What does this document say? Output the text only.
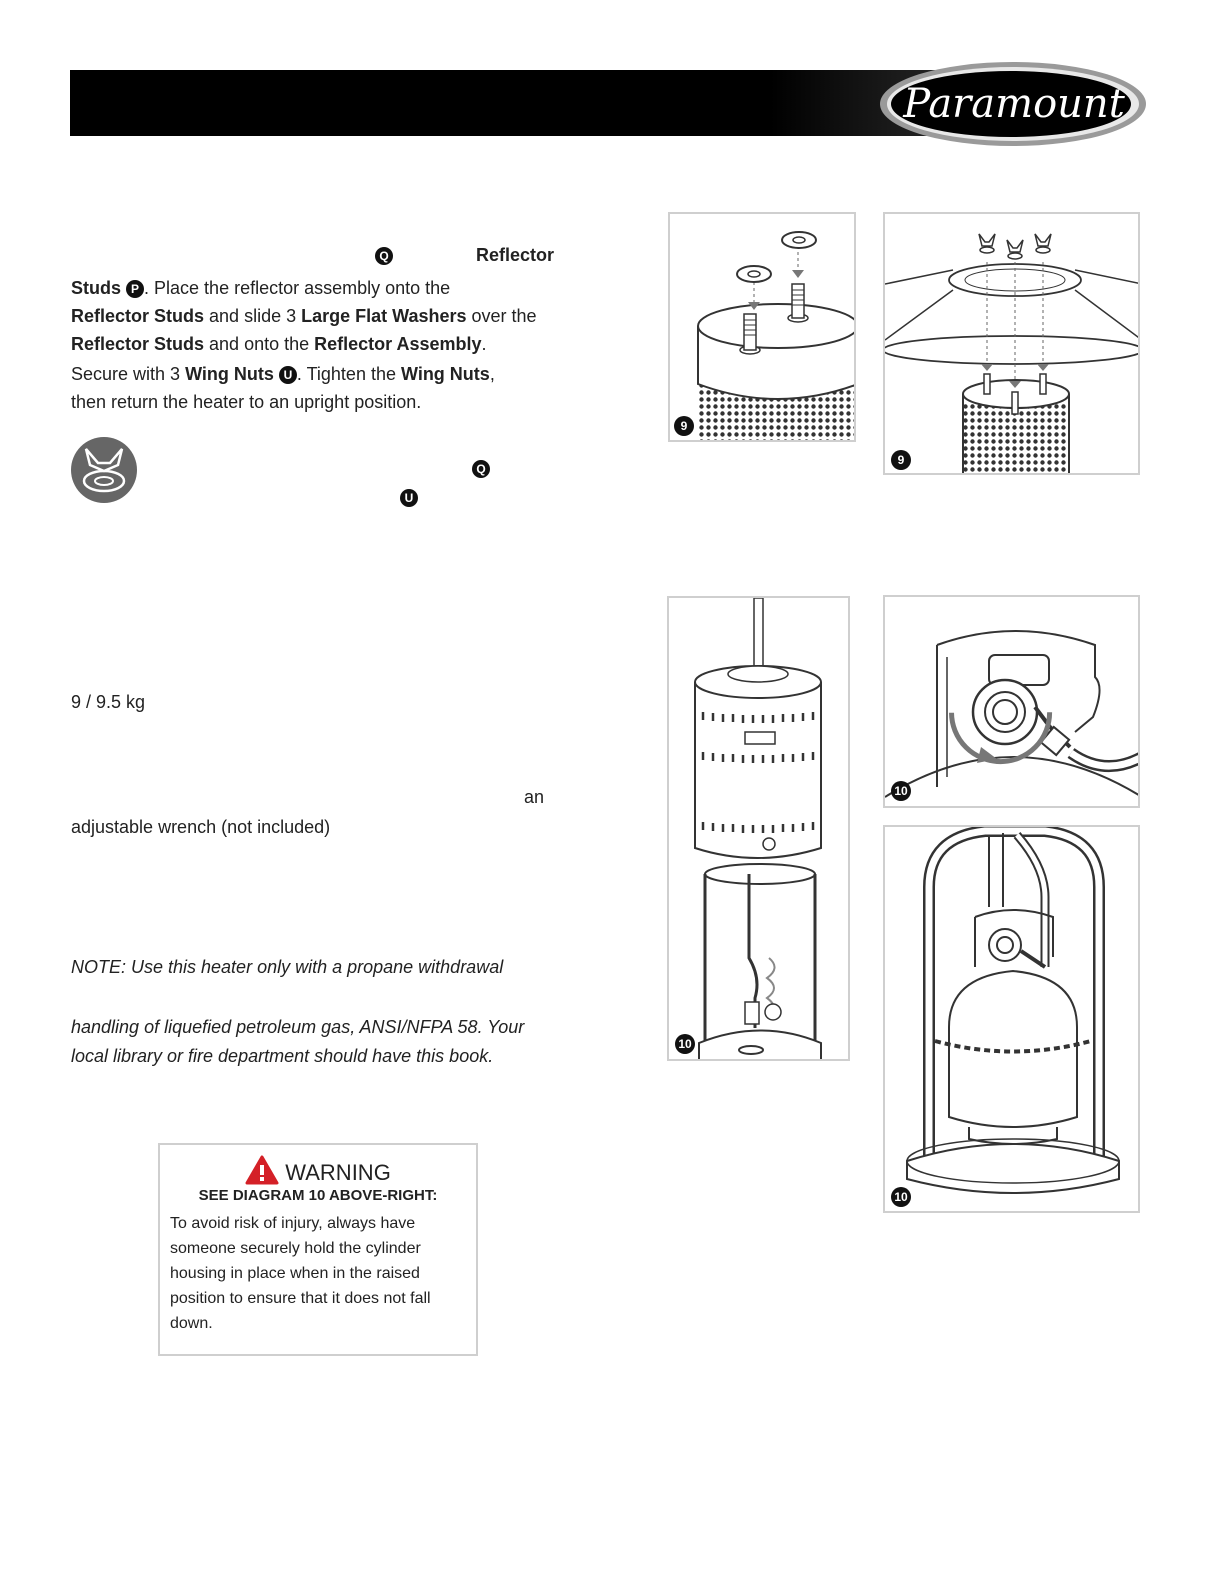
Paramount
Q	Reflector
Studs P . Place the reflector assembly onto the
Reflector Studs and slide 3 Large Flat Washers over the
Reflector Studs and onto the Reflector Assembly.
Secure with 3 Wing Nuts U . Tighten the Wing Nuts,
then return the heater to an upright position.
Q
U
9 / 9.5 kg
an
adjustable wrench (not included)
NOTE: Use this heater only with a propane withdrawal
handling of liquefied petroleum gas, ANSI/NFPA 58. Your
local library or fire department should have this book.
WARNING
SEE DIAGRAM 10 ABOVE-RIGHT:
To avoid risk of injury, always have someone securely hold the cylinder housing in place when in the raised position to ensure that it does not fall down.
9
9
10
10
10
